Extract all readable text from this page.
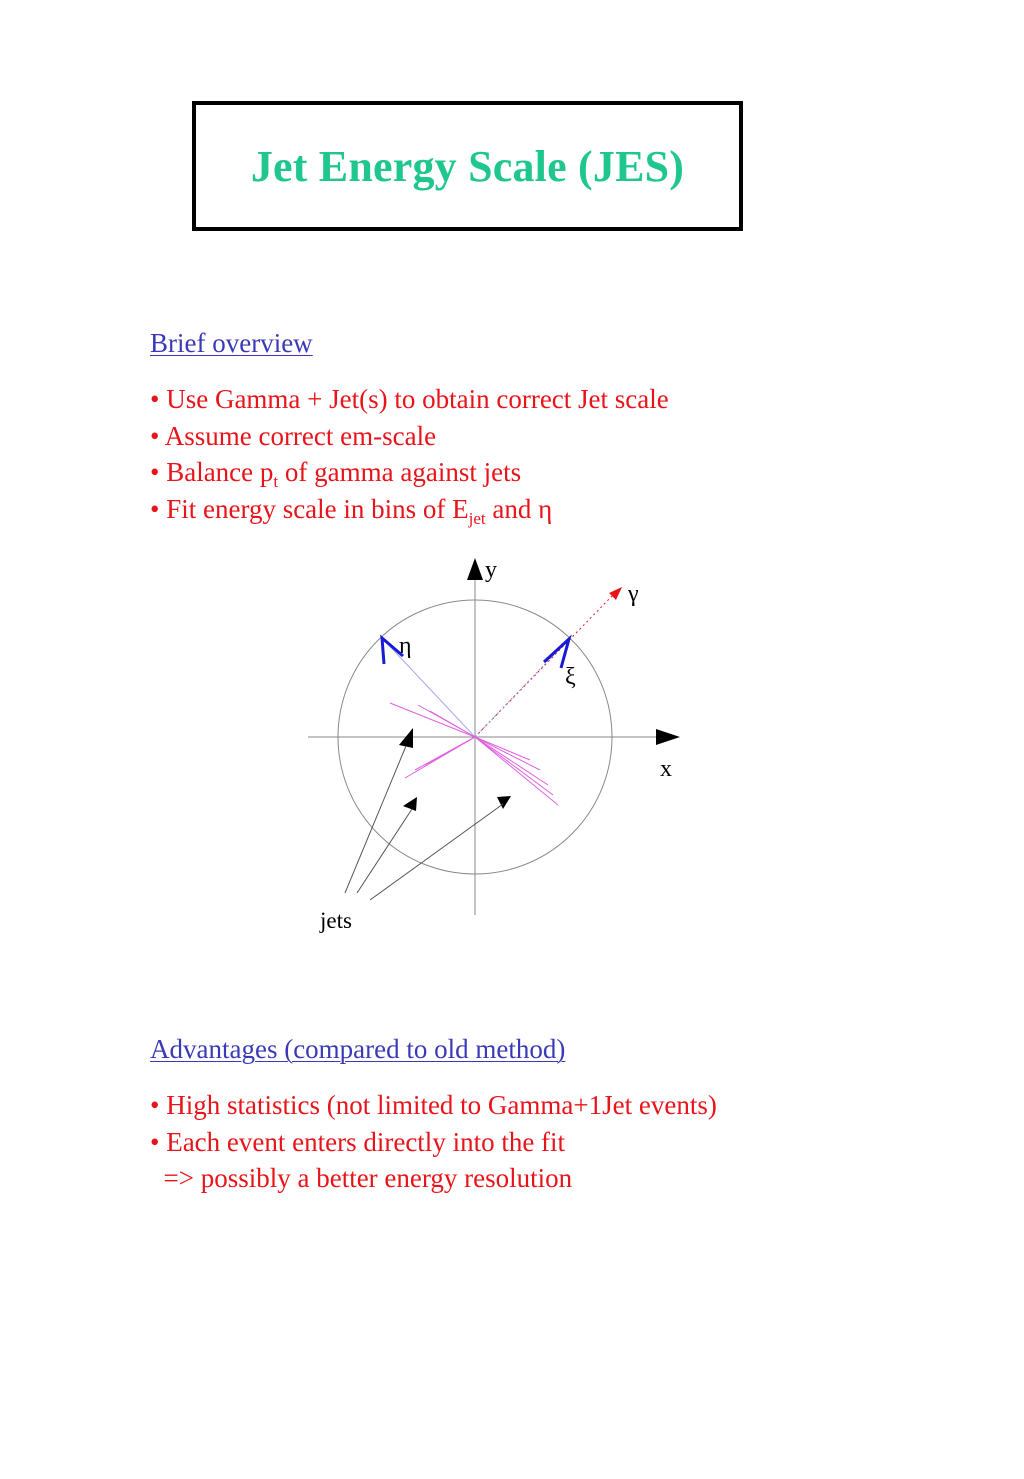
Jet Energy Scale (JES)
Brief overview
• Use Gamma + Jet(s) to obtain correct Jet scale
• Assume correct em-scale
• Balance $p_t$ of gamma against jets
• Fit energy scale in bins of $E_{jet}$ and η
y
x
γ
ξ
η
jets
Advantages (compared to old method)
• High statistics (not limited to Gamma+1Jet events)
• Each event enters directly into the fit
=> possibly a better energy resolution
